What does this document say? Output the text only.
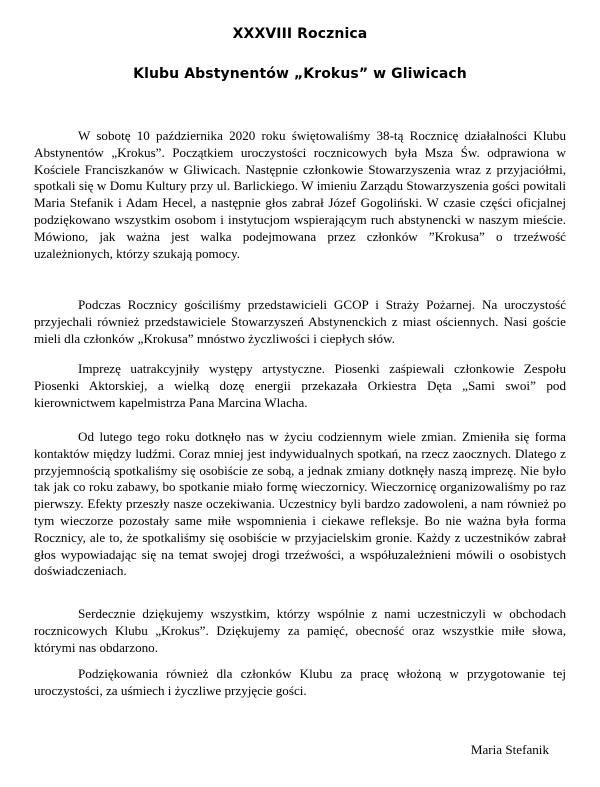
XXXVIII Rocznica
Klubu Abstynentów „Krokus” w Gliwicach

W sobotę 10 października 2020 roku świętowaliśmy 38-tą Rocznicę działalności Klubu Abstynentów „Krokus”. Początkiem uroczystości rocznicowych była Msza Św. odprawiona w Kościele Franciszkanów w Gliwicach. Następnie członkowie Stowarzyszenia wraz z przyjaciółmi, spotkali się w Domu Kultury przy ul. Barlickiego. W imieniu Zarządu Stowarzyszenia gości powitali Maria Stefanik i Adam Hecel, a następnie głos zabrał Józef Gogoliński. W czasie części oficjalnej podziękowano wszystkim osobom i instytucjom wspierającym ruch abstynencki w naszym mieście. Mówiono, jak ważna jest walka podejmowana przez członków ”Krokusa” o trzeźwość uzależnionych, którzy szukają pomocy.

Podczas Rocznicy gościliśmy przedstawicieli GCOP i Straży Pożarnej. Na uroczystość przyjechali również przedstawiciele Stowarzyszeń Abstynenckich z miast ościennych. Nasi goście mieli dla członków „Krokusa” mnóstwo życzliwości i ciepłych słów.

Imprezę uatrakcyjniły występy artystyczne. Piosenki zaśpiewali członkowie Zespołu Piosenki Aktorskiej, a wielką dozę energii przekazała Orkiestra Dęta „Sami swoi” pod kierownictwem kapelmistrza Pana Marcina Wlacha.

Od lutego tego roku dotknęło nas w życiu codziennym wiele zmian. Zmieniła się forma kontaktów między ludźmi. Coraz mniej jest indywidualnych spotkań, na rzecz zaocznych. Dlatego z przyjemnością spotkaliśmy się osobiście ze sobą, a jednak zmiany dotknęły naszą imprezę. Nie było tak jak co roku zabawy, bo spotkanie miało formę wieczornicy. Wieczornicę organizowaliśmy po raz pierwszy. Efekty przeszły nasze oczekiwania. Uczestnicy byli bardzo zadowoleni, a nam również po tym wieczorze pozostały same miłe wspomnienia i ciekawe refleksje. Bo nie ważna była forma Rocznicy, ale to, że spotkaliśmy się osobiście w przyjacielskim gronie. Każdy z uczestników zabrał głos wypowiadając się na temat swojej drogi trzeźwości, a współuzależnieni mówili o osobistych doświadczeniach.

Serdecznie dziękujemy wszystkim, którzy wspólnie z nami uczestniczyli w obchodach rocznicowych Klubu „Krokus”. Dziękujemy za pamięć, obecność oraz wszystkie miłe słowa, którymi nas obdarzono.

Podziękowania również dla członków Klubu za pracę włożoną w przygotowanie tej uroczystości, za uśmiech i życzliwe przyjęcie gości.

Maria Stefanik
